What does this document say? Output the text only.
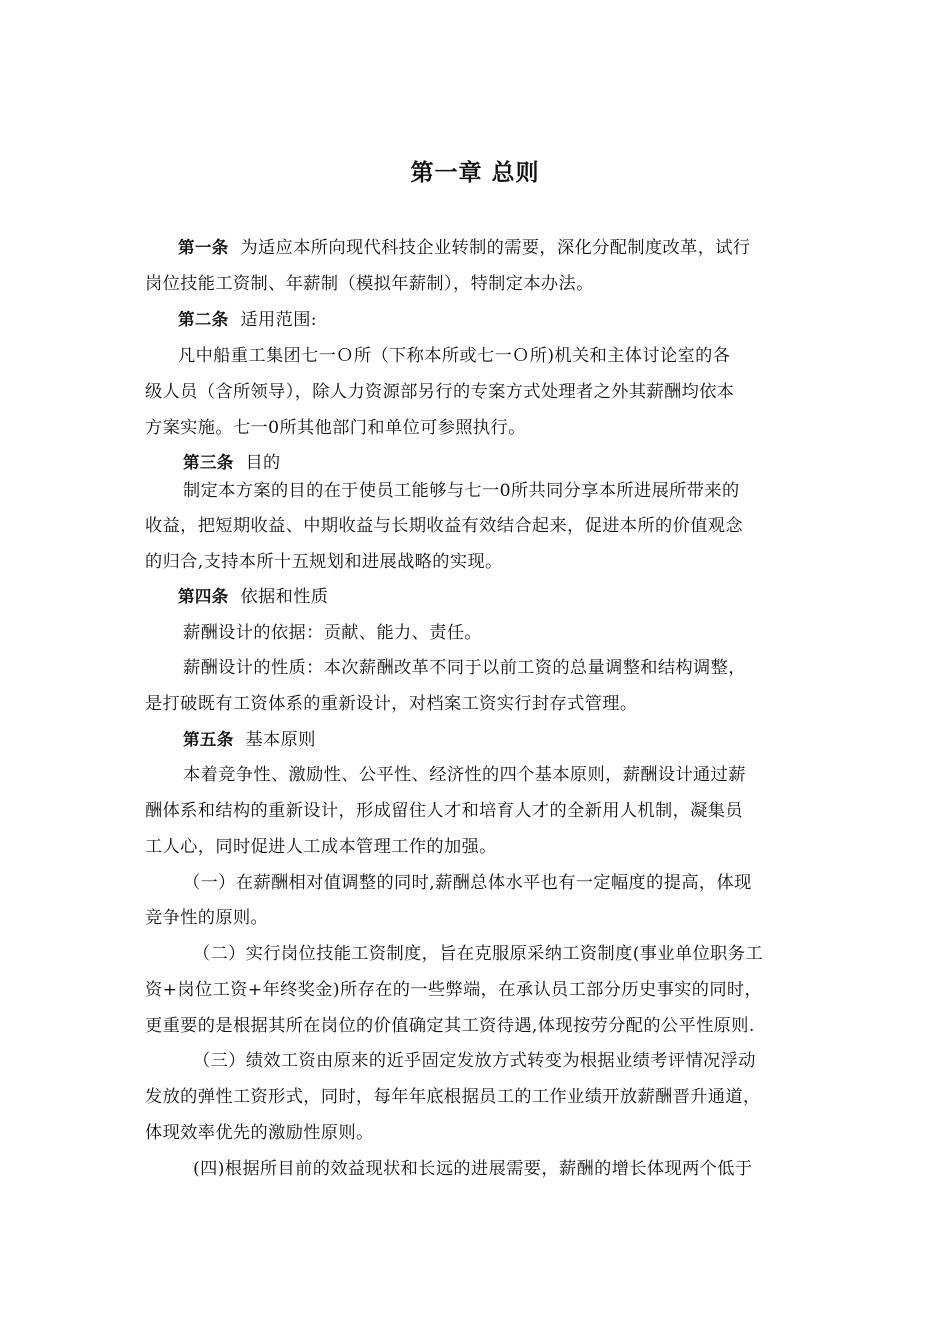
第一章 总则
第一条 为适应本所向现代科技企业转制的需要，深化分配制度改革，试行
岗位技能工资制、年薪制（模拟年薪制），特制定本办法。
第二条 适用范围:
凡中船重工集团七一Ｏ所（下称本所或七一Ｏ所)机关和主体讨论室的各
级人员（含所领导），除人力资源部另行的专案方式处理者之外其薪酬均依本
方案实施。七一0所其他部门和单位可参照执行。
第三条 目的
制定本方案的目的在于使员工能够与七一0所共同分享本所进展所带来的
收益，把短期收益、中期收益与长期收益有效结合起来，促进本所的价值观念
的归合,支持本所十五规划和进展战略的实现。
第四条 依据和性质
薪酬设计的依据：贡献、能力、责任。
薪酬设计的性质：本次薪酬改革不同于以前工资的总量调整和结构调整，
是打破既有工资体系的重新设计，对档案工资实行封存式管理。
第五条 基本原则
本着竞争性、激励性、公平性、经济性的四个基本原则，薪酬设计通过薪
酬体系和结构的重新设计，形成留住人才和培育人才的全新用人机制，凝集员
工人心，同时促进人工成本管理工作的加强。
（一）在薪酬相对值调整的同时,薪酬总体水平也有一定幅度的提高，体现
竞争性的原则。
（二）实行岗位技能工资制度，旨在克服原采纳工资制度(事业单位职务工
资+岗位工资+年终奖金)所存在的一些弊端，在承认员工部分历史事实的同时，
更重要的是根据其所在岗位的价值确定其工资待遇,体现按劳分配的公平性原则.
（三）绩效工资由原来的近乎固定发放方式转变为根据业绩考评情况浮动
发放的弹性工资形式，同时，每年年底根据员工的工作业绩开放薪酬晋升通道，
体现效率优先的激励性原则。
(四)根据所目前的效益现状和长远的进展需要，薪酬的增长体现两个低于
